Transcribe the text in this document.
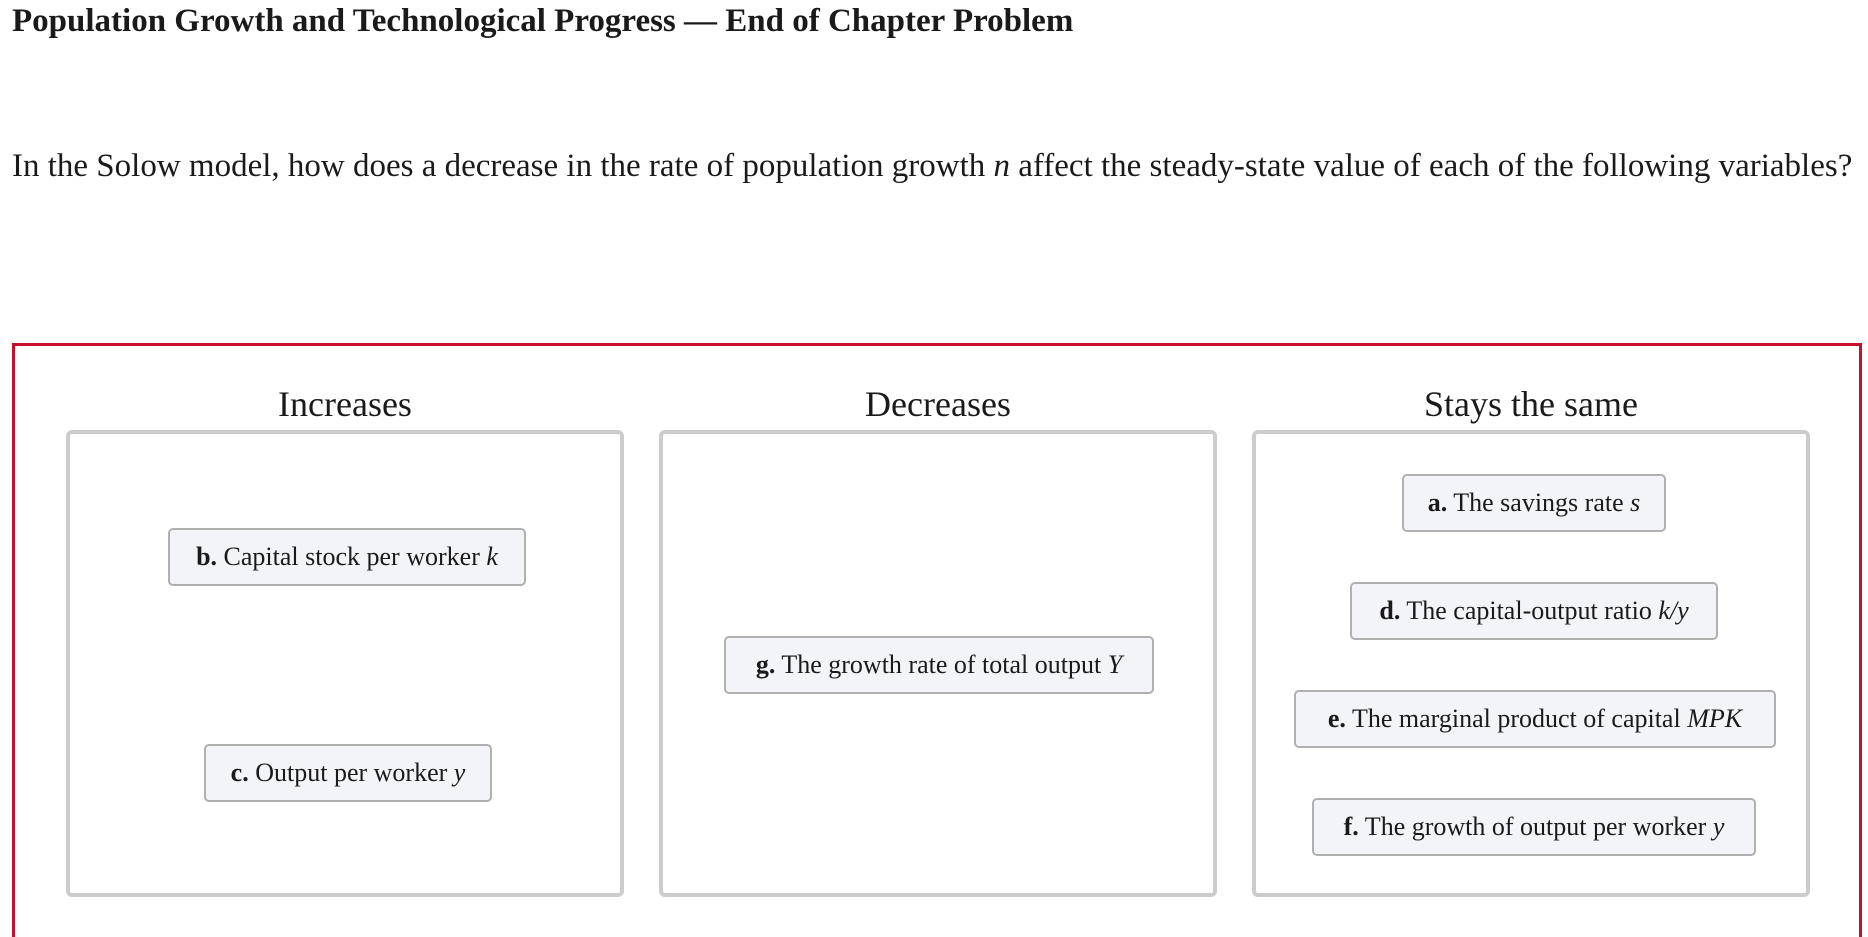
Population Growth and Technological Progress — End of Chapter Problem

In the Solow model, how does a decrease in the rate of population growth n affect the steady-state value of each of the following variables?

Increases	Decreases	Stays the same
b. Capital stock per worker k
c. Output per worker y
g. The growth rate of total output Y
a. The savings rate s
d. The capital-output ratio k/y
e. The marginal product of capital MPK
f. The growth of output per worker y
